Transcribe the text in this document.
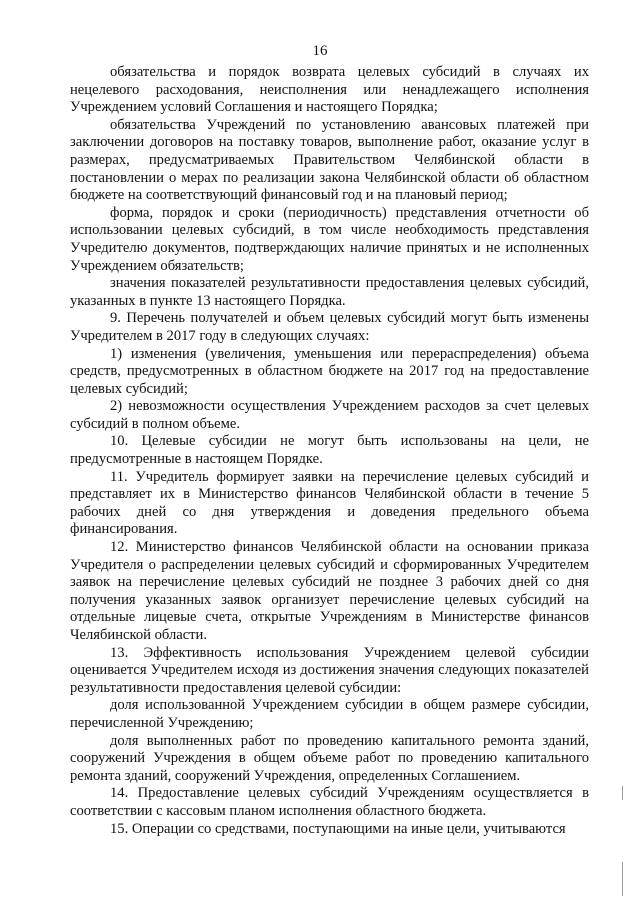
16

обязательства и порядок возврата целевых субсидий в случаях их нецелевого расходования, неисполнения или ненадлежащего исполнения Учреждением условий Соглашения и настоящего Порядка;

обязательства Учреждений по установлению авансовых платежей при заключении договоров на поставку товаров, выполнение работ, оказание услуг в размерах, предусматриваемых Правительством Челябинской области в постановлении о мерах по реализации закона Челябинской области об областном бюджете на соответствующий финансовый год и на плановый период;

форма, порядок и сроки (периодичность) представления отчетности об использовании целевых субсидий, в том числе необходимость представления Учредителю документов, подтверждающих наличие принятых и не исполненных Учреждением обязательств;

значения показателей результативности предоставления целевых субсидий, указанных в пункте 13 настоящего Порядка.

9. Перечень получателей и объем целевых субсидий могут быть изменены Учредителем в 2017 году в следующих случаях:

1) изменения (увеличения, уменьшения или перераспределения) объема средств, предусмотренных в областном бюджете на 2017 год на предоставление целевых субсидий;

2) невозможности осуществления Учреждением расходов за счет целевых субсидий в полном объеме.

10. Целевые субсидии не могут быть использованы на цели, не предусмотренные в настоящем Порядке.

11. Учредитель формирует заявки на перечисление целевых субсидий и представляет их в Министерство финансов Челябинской области в течение 5 рабочих дней со дня утверждения и доведения предельного объема финансирования.

12. Министерство финансов Челябинской области на основании приказа Учредителя о распределении целевых субсидий и сформированных Учредителем заявок на перечисление целевых субсидий не позднее 3 рабочих дней со дня получения указанных заявок организует перечисление целевых субсидий на отдельные лицевые счета, открытые Учреждениям в Министерстве финансов Челябинской области.

13. Эффективность использования Учреждением целевой субсидии оценивается Учредителем исходя из достижения значения следующих показателей результативности предоставления целевой субсидии:

доля использованной Учреждением субсидии в общем размере субсидии, перечисленной Учреждению;

доля выполненных работ по проведению капитального ремонта зданий, сооружений Учреждения в общем объеме работ по проведению капитального ремонта зданий, сооружений Учреждения, определенных Соглашением.

14. Предоставление целевых субсидий Учреждениям осуществляется в соответствии с кассовым планом исполнения областного бюджета.

15. Операции со средствами, поступающими на иные цели, учитываются
